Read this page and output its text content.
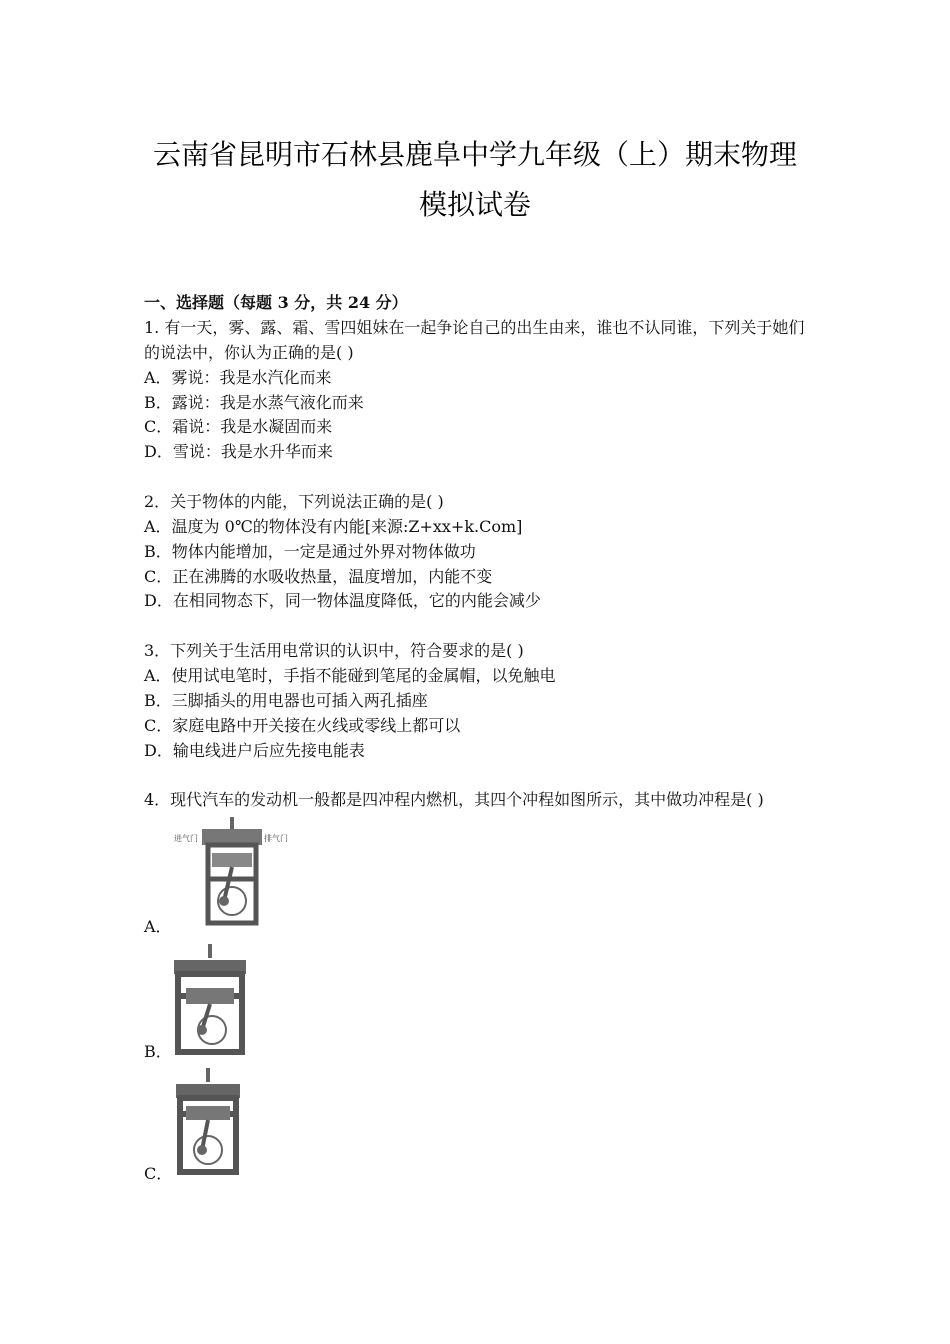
云南省昆明市石林县鹿阜中学九年级（上）期末物理
模拟试卷
一、选择题（每题 3 分，共 24 分）
1. 有一天，雾、露、霜、雪四姐妹在一起争论自己的出生由来，谁也不认同谁，下列关于她们
的说法中，你认为正确的是( )
A．雾说：我是水汽化而来
B．露说：我是水蒸气液化而来
C．霜说：我是水凝固而来
D．雪说：我是水升华而来
2．关于物体的内能，下列说法正确的是( )
A．温度为 0℃的物体没有内能[来源:Z+xx+k.Com]
B．物体内能增加，一定是通过外界对物体做功
C．正在沸腾的水吸收热量，温度增加，内能不变
D．在相同物态下，同一物体温度降低，它的内能会减少
3．下列关于生活用电常识的认识中，符合要求的是( )
A．使用试电笔时，手指不能碰到笔尾的金属帽，以免触电
B．三脚插头的用电器也可插入两孔插座
C．家庭电路中开关接在火线或零线上都可以
D．输电线进户后应先接电能表
4．现代汽车的发动机一般都是四冲程内燃机，其四个冲程如图所示，其中做功冲程是( )
进气门	排气门
A．
B．
C．
